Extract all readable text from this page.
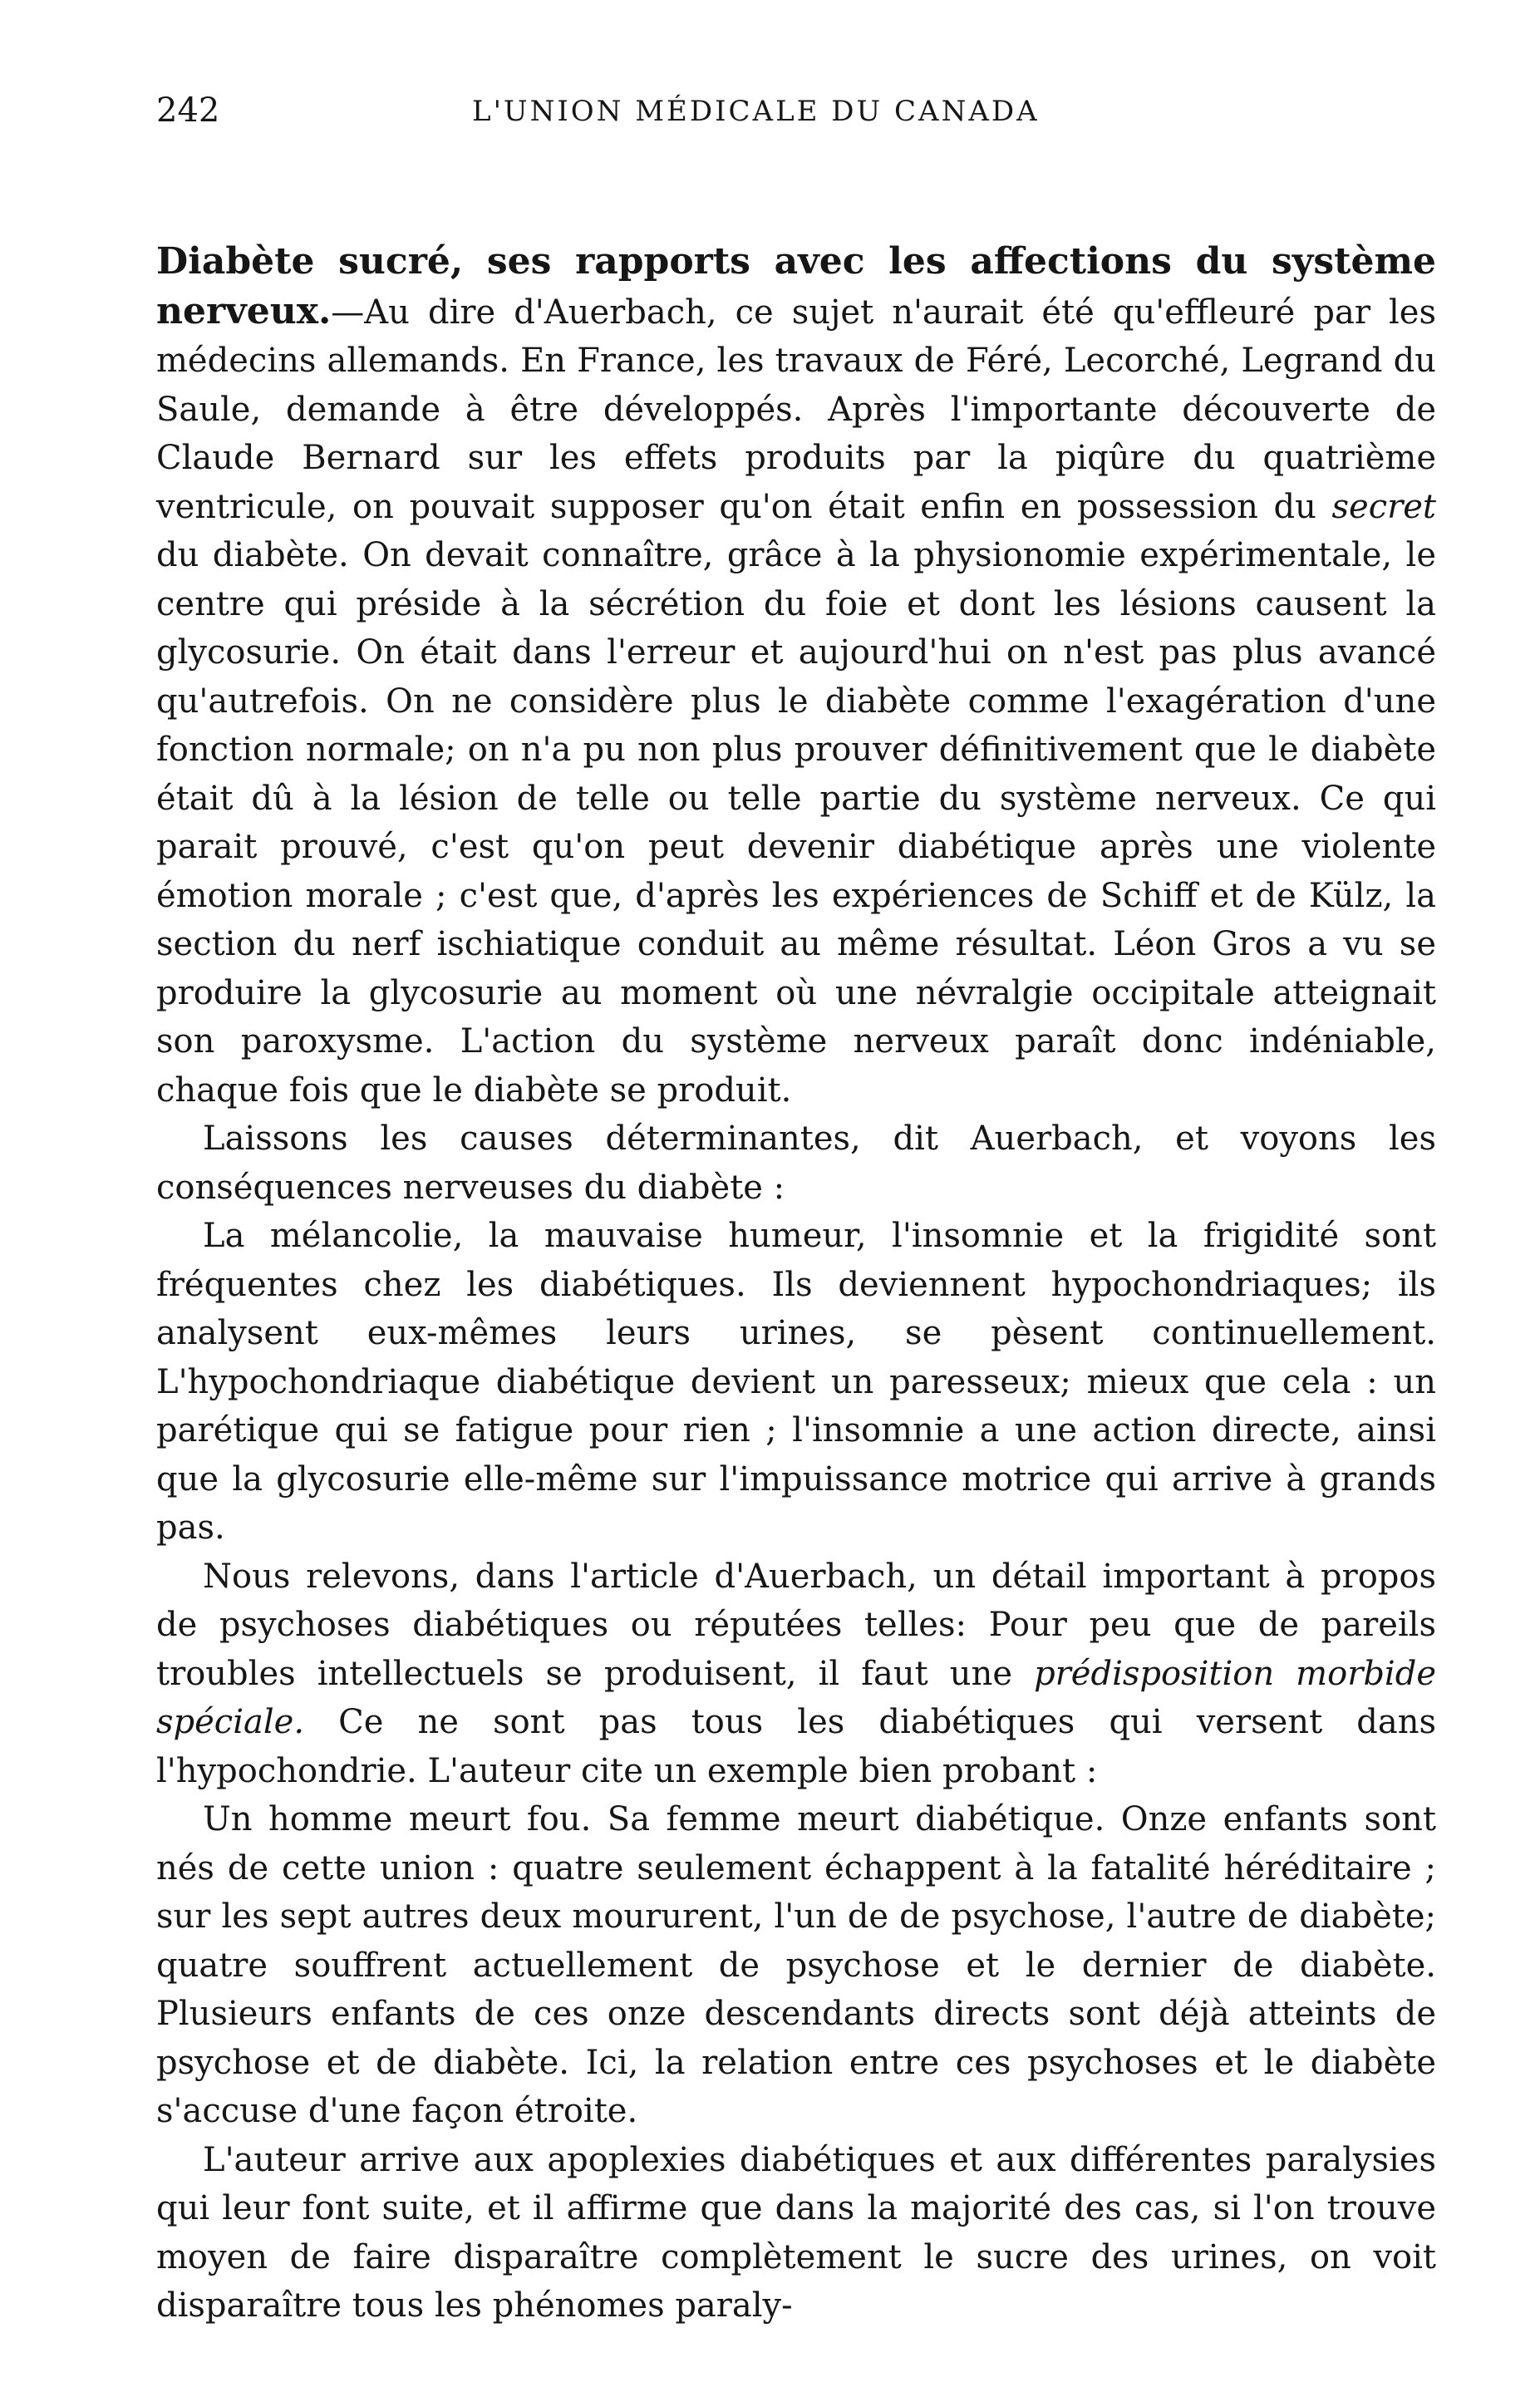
242	L'UNION MÉDICALE DU CANADA

Diabète sucré, ses rapports avec les affections du système nerveux.—Au dire d'Auerbach, ce sujet n'aurait été qu'effleuré par les médecins allemands. En France, les travaux de Féré, Lecorché, Legrand du Saule, demande à être développés. Après l'importante découverte de Claude Bernard sur les effets produits par la piqûre du quatrième ventricule, on pouvait supposer qu'on était enfin en possession du secret du diabète. On devait connaître, grâce à la physionomie expérimentale, le centre qui préside à la sécrétion du foie et dont les lésions causent la glycosurie. On était dans l'erreur et aujourd'hui on n'est pas plus avancé qu'autrefois. On ne considère plus le diabète comme l'exagération d'une fonction normale; on n'a pu non plus prouver définitivement que le diabète était dû à la lésion de telle ou telle partie du système nerveux. Ce qui parait prouvé, c'est qu'on peut devenir diabétique après une violente émotion morale ; c'est que, d'après les expériences de Schiff et de Külz, la section du nerf ischiatique conduit au même résultat. Léon Gros a vu se produire la glycosurie au moment où une névralgie occipitale atteignait son paroxysme. L'action du système nerveux paraît donc indéniable, chaque fois que le diabète se produit.

Laissons les causes déterminantes, dit Auerbach, et voyons les conséquences nerveuses du diabète :

La mélancolie, la mauvaise humeur, l'insomnie et la frigidité sont fréquentes chez les diabétiques. Ils deviennent hypochondriaques; ils analysent eux-mêmes leurs urines, se pèsent continuellement. L'hypochondriaque diabétique devient un paresseux; mieux que cela : un parétique qui se fatigue pour rien ; l'insomnie a une action directe, ainsi que la glycosurie elle-même sur l'impuissance motrice qui arrive à grands pas.

Nous relevons, dans l'article d'Auerbach, un détail important à propos de psychoses diabétiques ou réputées telles: Pour peu que de pareils troubles intellectuels se produisent, il faut une prédisposition morbide spéciale. Ce ne sont pas tous les diabétiques qui versent dans l'hypochondrie. L'auteur cite un exemple bien probant :

Un homme meurt fou. Sa femme meurt diabétique. Onze enfants sont nés de cette union : quatre seulement échappent à la fatalité héréditaire ; sur les sept autres deux moururent, l'un de de psychose, l'autre de diabète; quatre souffrent actuellement de psychose et le dernier de diabète. Plusieurs enfants de ces onze descendants directs sont déjà atteints de psychose et de diabète. Ici, la relation entre ces psychoses et le diabète s'accuse d'une façon étroite.

L'auteur arrive aux apoplexies diabétiques et aux différentes paralysies qui leur font suite, et il affirme que dans la majorité des cas, si l'on trouve moyen de faire disparaître complètement le sucre des urines, on voit disparaître tous les phénomes paraly-
